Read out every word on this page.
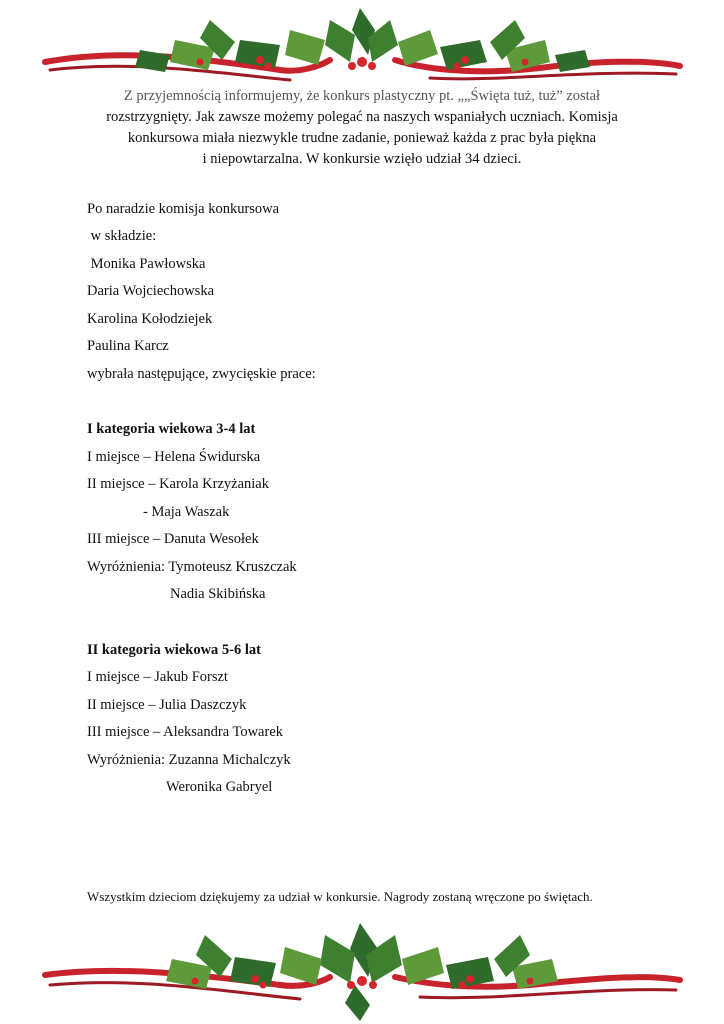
Z przyjemnością informujemy, że konkurs plastyczny pt. „„Święta tuż, tuż” został
rozstrzygnięty. Jak zawsze możemy polegać na naszych wspaniałych uczniach. Komisja
konkursowa miała niezwykle trudne zadanie, ponieważ każda z prac była piękna
i niepowtarzalna. W konkursie wzięło udział 34 dzieci.
Po naradzie komisja konkursowa
w składzie:
Monika Pawłowska
Daria Wojciechowska
Karolina Kołodziejek
Paulina Karcz
wybrała następujące, zwycięskie prace:
I kategoria wiekowa 3-4 lat
I miejsce – Helena Świdurska
II miejsce – Karola Krzyżaniak
- Maja Waszak
III miejsce – Danuta Wesołek
Wyróżnienia: Tymoteusz Kruszczak
Nadia Skibińska
II kategoria wiekowa 5-6 lat
I miejsce – Jakub Forszt
II miejsce – Julia Daszczyk
III miejsce – Aleksandra Towarek
Wyróżnienia: Zuzanna Michalczyk
Weronika Gabryel
Wszystkim dzieciom dziękujemy za udział w konkursie. Nagrody zostaną wręczone po świętach.
